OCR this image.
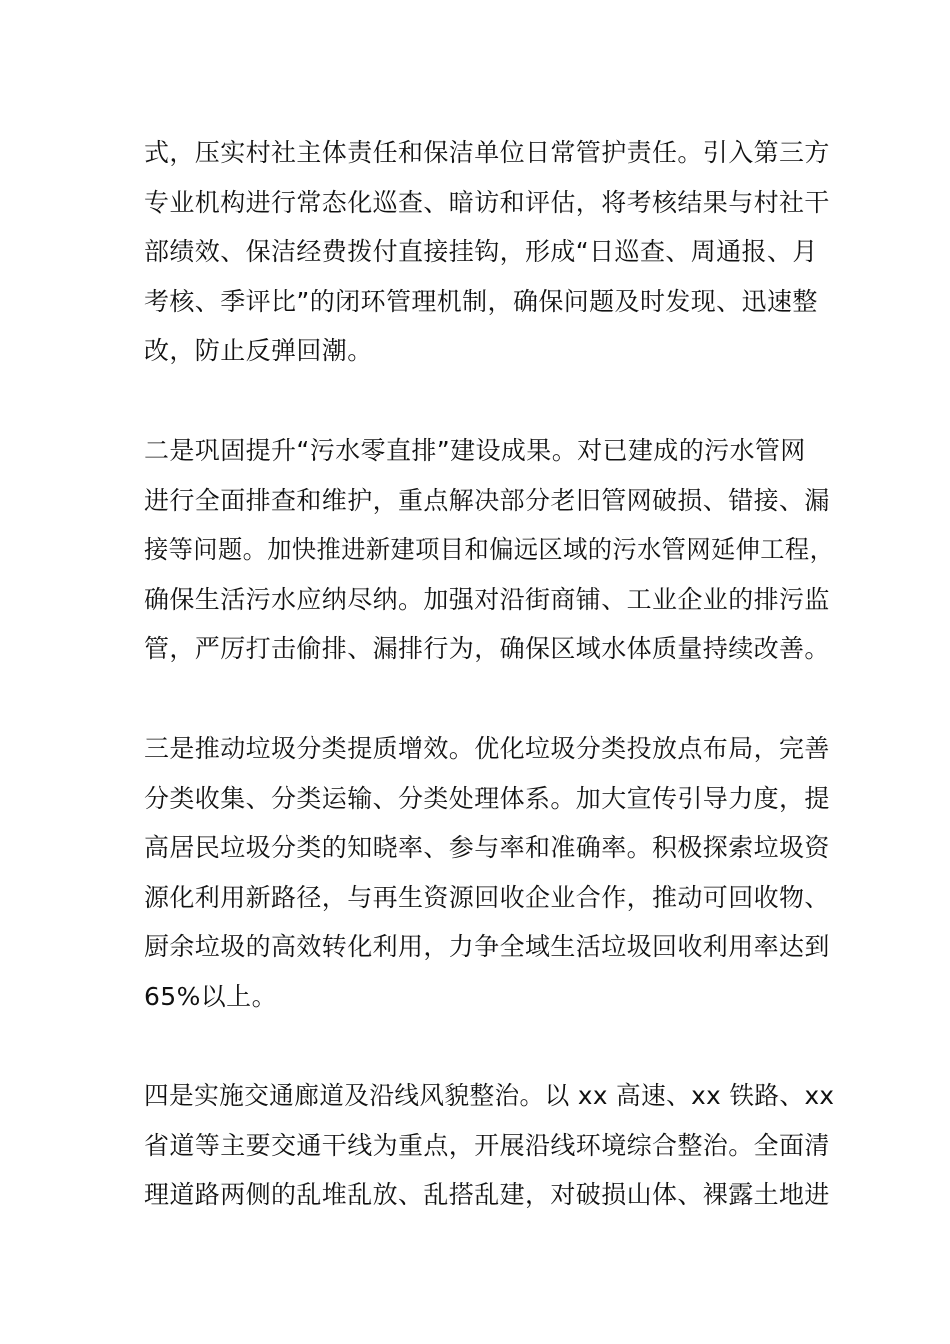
式，压实村社主体责任和保洁单位日常管护责任。引入第三方
专业机构进行常态化巡查、暗访和评估，将考核结果与村社干
部绩效、保洁经费拨付直接挂钩，形成“日巡查、周通报、月
考核、季评比”的闭环管理机制，确保问题及时发现、迅速整
改，防止反弹回潮。
二是巩固提升“污水零直排”建设成果。对已建成的污水管网
进行全面排查和维护，重点解决部分老旧管网破损、错接、漏
接等问题。加快推进新建项目和偏远区域的污水管网延伸工程，
确保生活污水应纳尽纳。加强对沿街商铺、工业企业的排污监
管，严厉打击偷排、漏排行为，确保区域水体质量持续改善。
三是推动垃圾分类提质增效。优化垃圾分类投放点布局，完善
分类收集、分类运输、分类处理体系。加大宣传引导力度，提
高居民垃圾分类的知晓率、参与率和准确率。积极探索垃圾资
源化利用新路径，与再生资源回收企业合作，推动可回收物、
厨余垃圾的高效转化利用，力争全域生活垃圾回收利用率达到
65%以上。
四是实施交通廊道及沿线风貌整治。以 xx 高速、xx 铁路、xx
省道等主要交通干线为重点，开展沿线环境综合整治。全面清
理道路两侧的乱堆乱放、乱搭乱建，对破损山体、裸露土地进
